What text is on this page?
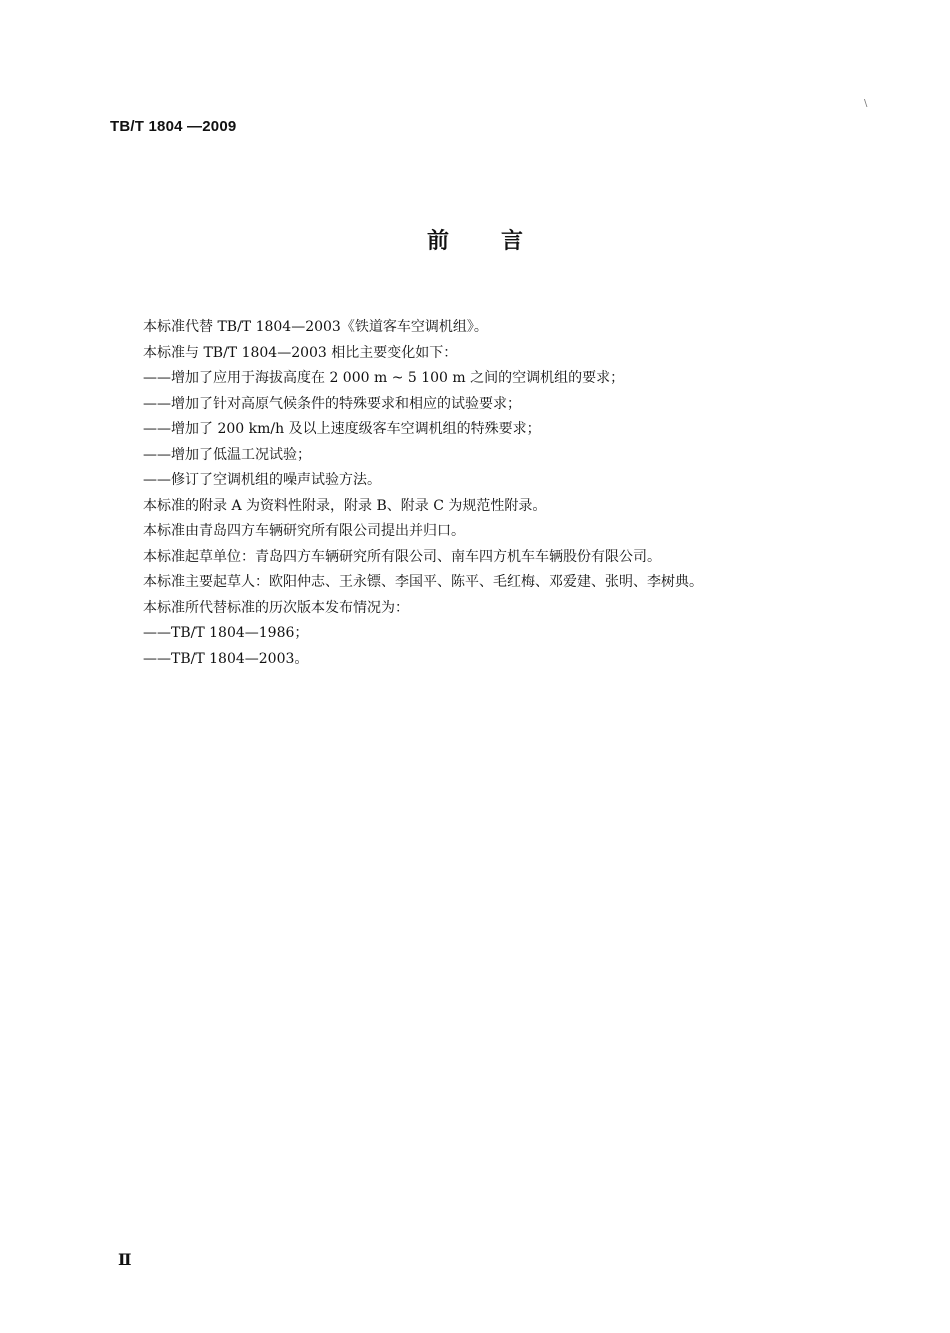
TB/T 1804 —2009
\
前言
本标准代替 TB/T 1804—2003《铁道客车空调机组》。
本标准与 TB/T 1804—2003 相比主要变化如下：
——增加了应用于海拔高度在 2 000 m ~ 5 100 m 之间的空调机组的要求；
——增加了针对高原气候条件的特殊要求和相应的试验要求；
——增加了 200 km/h 及以上速度级客车空调机组的特殊要求；
——增加了低温工况试验；
——修订了空调机组的噪声试验方法。
本标准的附录 A 为资料性附录，附录 B、附录 C 为规范性附录。
本标准由青岛四方车辆研究所有限公司提出并归口。
本标准起草单位：青岛四方车辆研究所有限公司、南车四方机车车辆股份有限公司。
本标准主要起草人：欧阳仲志、王永镖、李国平、陈平、毛红梅、邓爱建、张明、李树典。
本标准所代替标准的历次版本发布情况为：
——TB/T 1804—1986；
——TB/T 1804—2003。
Ⅱ
